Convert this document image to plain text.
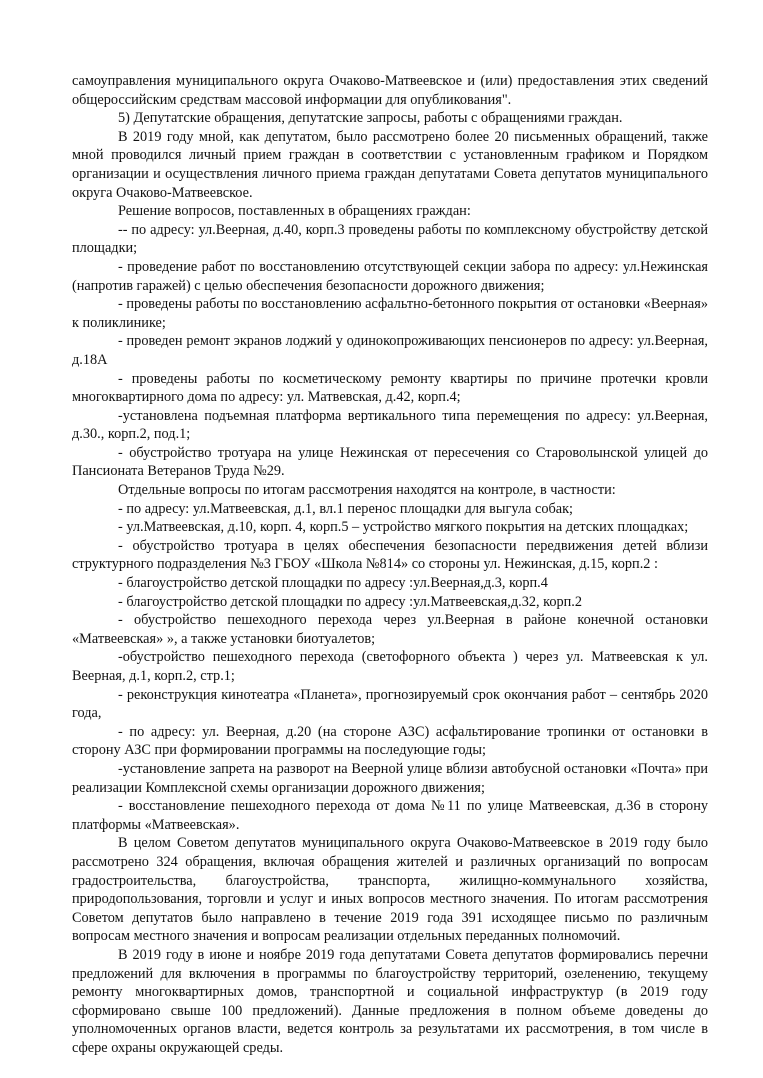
самоуправления муниципального округа Очаково-Матвеевское и (или) предоставления этих сведений общероссийским средствам массовой информации для опубликования".

5) Депутатские обращения, депутатские запросы, работы с обращениями граждан.

В 2019 году мной, как депутатом, было рассмотрено более 20 письменных обращений, также мной проводился личный прием граждан в соответствии с установленным графиком и Порядком организации и осуществления личного приема граждан депутатами Совета депутатов муниципального округа Очаково-Матвеевское.

Решение вопросов, поставленных в обращениях граждан:

-- по адресу: ул.Веерная, д.40, корп.3 проведены работы по комплексному обустройству детской площадки;

- проведение работ по восстановлению отсутствующей секции забора по адресу: ул.Нежинская (напротив гаражей) с целью обеспечения безопасности дорожного движения;

- проведены работы по восстановлению асфальтно-бетонного покрытия от остановки «Веерная» к поликлинике;

- проведен ремонт экранов лоджий у одинокопроживающих пенсионеров по адресу: ул.Веерная, д.18А

- проведены работы по косметическому ремонту квартиры по причине протечки кровли многоквартирного дома по адресу: ул. Матвевская, д.42, корп.4;

-установлена подъемная платформа вертикального типа перемещения по адресу: ул.Веерная, д.30., корп.2, под.1;

- обустройство тротуара на улице Нежинская от пересечения со Староволынской улицей до Пансионата Ветеранов Труда №29.

Отдельные вопросы по итогам рассмотрения находятся на контроле, в частности:

- по адресу: ул.Матвеевская, д.1, вл.1 перенос площадки для выгула собак;

- ул.Матвеевская, д.10, корп. 4, корп.5 – устройство мягкого покрытия на детских площадках;

- обустройство тротуара в целях обеспечения безопасности передвижения детей вблизи структурного подразделения №3 ГБОУ «Школа №814» со стороны ул. Нежинская, д.15, корп.2 :

- благоустройство детской площадки по адресу :ул.Веерная,д.3, корп.4

- благоустройство детской площадки по адресу :ул.Матвеевская,д.32, корп.2

- обустройство пешеходного перехода через ул.Веерная в районе конечной остановки «Матвеевская» », а также установки биотуалетов;

-обустройство пешеходного перехода (светофорного объекта ) через ул. Матвеевская к ул. Веерная, д.1, корп.2, стр.1;

- реконструкция кинотеатра «Планета», прогнозируемый срок окончания работ – сентябрь 2020 года,

- по адресу: ул. Веерная, д.20 (на стороне АЗС) асфальтирование тропинки от остановки в сторону АЗС при формировании программы на последующие годы;

-установление запрета на разворот на Веерной улице вблизи автобусной остановки «Почта» при реализации Комплексной схемы организации дорожного движения;

- восстановление пешеходного перехода от дома №11 по улице Матвеевская, д.36 в сторону платформы «Матвеевская».

В целом Советом депутатов муниципального округа Очаково-Матвеевское в 2019 году было рассмотрено 324 обращения, включая обращения жителей и различных организаций по вопросам градостроительства, благоустройства, транспорта, жилищно-коммунального хозяйства, природопользования, торговли и услуг и иных вопросов местного значения. По итогам рассмотрения Советом депутатов было направлено в течение 2019 года 391 исходящее письмо по различным вопросам местного значения и вопросам реализации отдельных переданных полномочий.

В 2019 году в июне и ноябре 2019 года депутатами Совета депутатов формировались перечни предложений для включения в программы по благоустройству территорий, озеленению, текущему ремонту многоквартирных домов, транспортной и социальной инфраструктур (в 2019 году сформировано свыше 100 предложений). Данные предложения в полном объеме доведены до уполномоченных органов власти, ведется контроль за результатами их рассмотрения, в том числе в сфере охраны окружающей среды.
